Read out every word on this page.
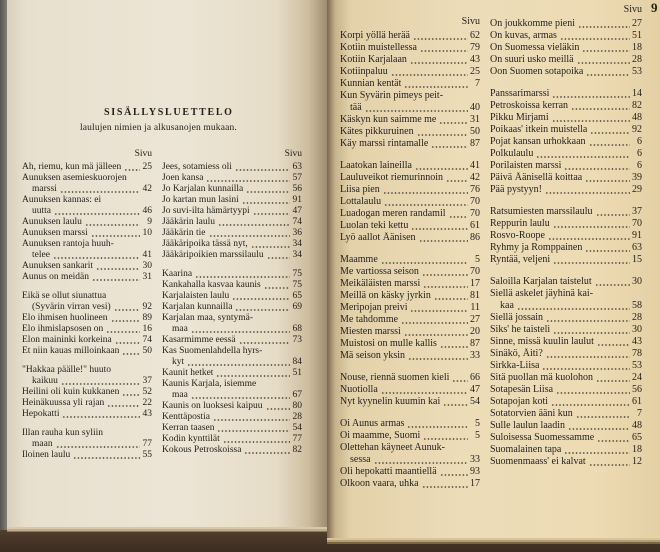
SISÄLLYSLUETTELO
laulujen nimien ja alkusanojen mukaan.
Sivu
Ah, riemu, kun mä jälleen 25
Aunuksen asemieskuorojen
marssi	42
Aunuksen kannas: ei
uutta	46
Aunuksen laulu	9
Aunuksen marssi	10
Aunuksen rantoja huuh-
telee	41
Aunuksen sankarit	30
Aunus on meidän	31
Eikä se ollut siunattua
(Syvärin virran vesi)	92
Elo ihmisen huolineen	89
Elo ihmislapsosen on	16
Elon maininki korkeina	74
Et niin kauas milloinkaan 50
"Hakkaa päälle!" huuto
kaikuu	37
Heilini oli kuin kukkanen 52
Heinäkuussa yli rajan	22
Hepokatti	43
Illan rauha kun syliin
maan	77
Iloinen laulu	55
Sivu
Jees, sotamiess oli	63
Joen kansa	57
Jo Karjalan kunnailla	56
Jo kartan mun lasini	91
Jo suvi-ilta hämärtyypi	47
Jääkärin laulu	74
Jääkärin tie	36
Jääkäripoika tässä nyt,	34
Jääkäripoikien marssilaulu	34
Kaarina	75
Kankahalla kasvaa kaunis	75
Karjalaisten laulu	65
Karjalan kunnailla	69
Karjalan maa, syntymä-
maa	68
Kasarmimme eessä	73
Kas Suomenlahdella hyrs-
kyt	84
Kaunit hetket	51
Kaunis Karjala, isiemme
maa	67
Kaunis on luoksesi kaipuu	80
Kenttäpostia	28
Kerran taasen	54
Kodin kynttilät	77
Kokous Petroskoissa	82
9
Sivu
Korpi yöllä herää	62
Kotiin muistellessa	79
Kotiin Karjalaan	43
Kotiinpaluu	25
Kunnian kentät	7
Kun Syvärin pimeys peit-
tää	40
Käskyn kun saimme me	31
Kätes pikkuruinen	50
Käy marssi rintamalle	87
Laatokan laineilla	41
Lauluveikot riemurinnoin	42
Liisa pien	76
Lottalaulu	70
Luadogan meren randamil 70
Luolan teki kettu	61
Lyö aallot Äänisen	86
Maamme	5
Me vartiossa seison	70
Meikäläisten marssi	17
Meillä on käsky jyrkin	81
Meripojan preivi	11
Me tahdomme	27
Miesten marssi	20
Muistosi on mulle kallis	87
Mä seison yksin	33
Nouse, riennä suomen kieli 66
Nuotiolla	47
Nyt kyynelin kuumin kai	54
Oi Aunus armas	5
Oi maamme, Suomi	5
Olettehan käyneet Aunuk-
sessa	33
Oli hepokatti maantiellä	93
Olkoon vaara, uhka	17
Sivu
On joukkomme pieni	27
On kuvas, armas	51
On Suomessa vieläkin	18
On suuri usko meillä	28
Oon Suomen sotapoika	53
Panssarimarssi	14
Petroskoissa kerran	82
Pikku Mirjami	48
Poikaas' itkein muistella	92
Pojat kansan urhokkaan	6
Polkulaulu	6
Porilaisten marssi	6
Päivä Äänisellä koittaa	39
Pää pystyyn!	29
Ratsumiesten marssilaulu	37
Reppurin laulu	70
Rosvo-Roope	91
Ryhmy ja Romppainen	63
Ryntää, veljeni	15
Saloilla Karjalan taistelut	30
Siellä askelet jäyhinä kai-
kaa	58
Siellä jossain	28
Siks' he taisteli	30
Sinne, missä kuulin laulut	43
Sinäkö, Äiti?	78
Sirkka-Liisa	53
Sitä puollan mä kuolohon	24
Sotapesän Liisa	56
Sotapojan koti	61
Sotatorvien ääni kun	7
Sulle laulun laadin	48
Suloisessa Suomessamme	65
Suomalainen tapa	18
Suomenmaass' ei kalvat	12
